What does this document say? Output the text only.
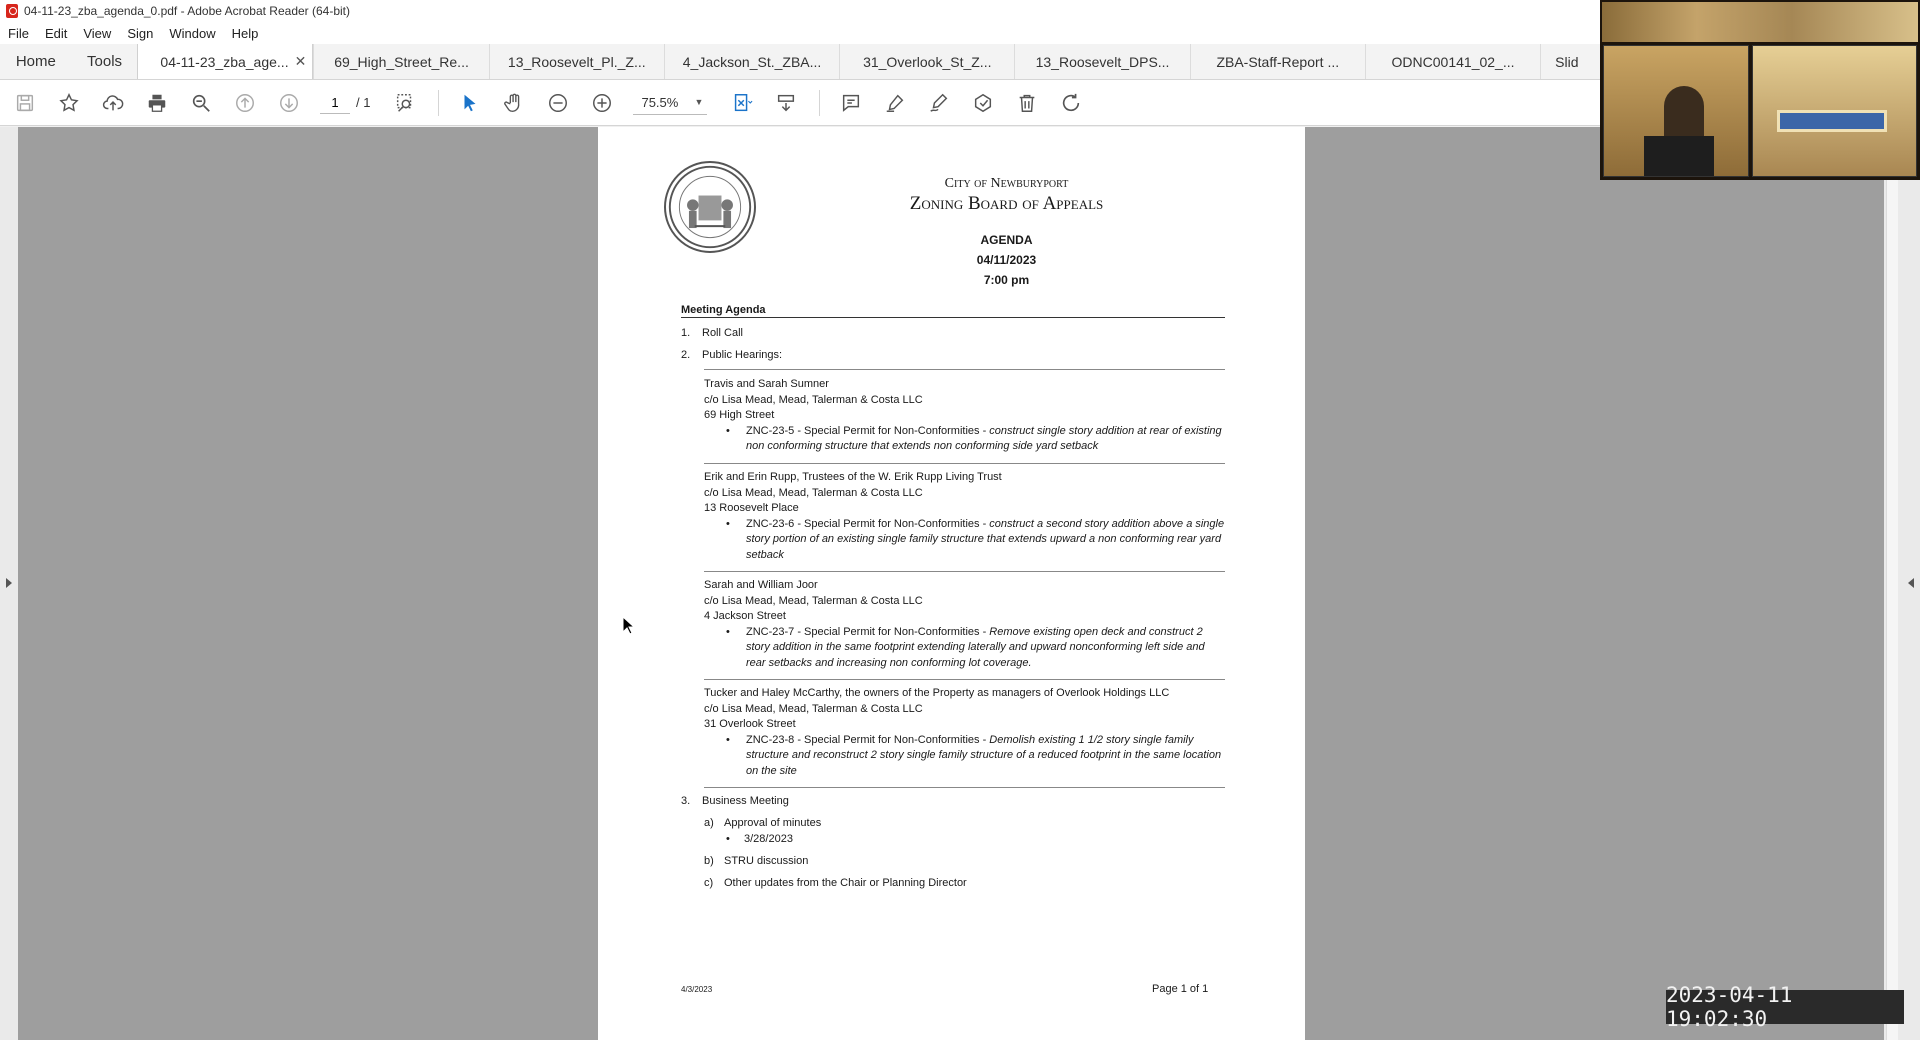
04-11-23_zba_agenda_0.pdf - Adobe Acrobat Reader (64-bit)
File Edit View Sign Window Help
Home	Tools	04-11-23_zba_age... ✕	69_High_Street_Re...	13_Roosevelt_Pl._Z...	4_Jackson_St._ZBA...	31_Overlook_St_Z...	13_Roosevelt_DPS...	ZBA-Staff-Report ...	ODNC00141_02_...	Slid
1
/ 1	75.5% ▼
City of Newburyport
Zoning Board of Appeals
AGENDA
04/11/2023
7:00 pm
Meeting Agenda
1. Roll Call
2. Public Hearings:
Travis and Sarah Sumner
c/o Lisa Mead, Mead, Talerman & Costa LLC
69 High Street
• ZNC-23-5 - Special Permit for Non-Conformities - construct single story addition at rear of existing non conforming structure that extends non conforming side yard setback
Erik and Erin Rupp, Trustees of the W. Erik Rupp Living Trust
c/o Lisa Mead, Mead, Talerman & Costa LLC
13 Roosevelt Place
• ZNC-23-6 - Special Permit for Non-Conformities - construct a second story addition above a single story portion of an existing single family structure that extends upward a non conforming rear yard setback
Sarah and William Joor
c/o Lisa Mead, Mead, Talerman & Costa LLC
4 Jackson Street
• ZNC-23-7 - Special Permit for Non-Conformities - Remove existing open deck and construct 2 story addition in the same footprint extending laterally and upward nonconforming left side and rear setbacks and increasing non conforming lot coverage.
Tucker and Haley McCarthy, the owners of the Property as managers of Overlook Holdings LLC
c/o Lisa Mead, Mead, Talerman & Costa LLC
31 Overlook Street
• ZNC-23-8 - Special Permit for Non-Conformities - Demolish existing 1 1/2 story single family structure and reconstruct 2 story single family structure of a reduced footprint in the same location on the site
3. Business Meeting
a) Approval of minutes
• 3/28/2023
b) STRU discussion
c) Other updates from the Chair or Planning Director
4/3/2023	Page 1 of 1	2023-04-11 19:02:30
